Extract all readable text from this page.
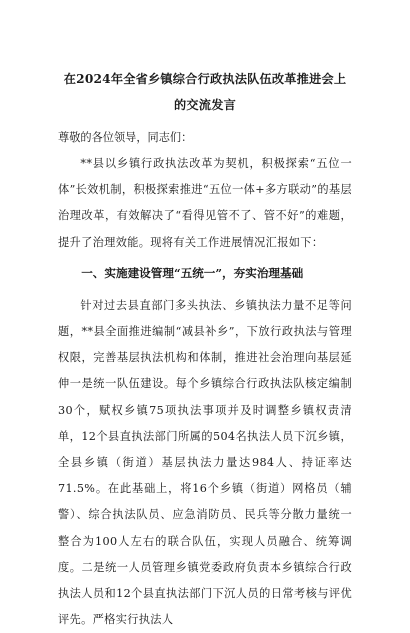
在2024年全省乡镇综合行政执法队伍改革推进会上的交流发言

尊敬的各位领导，同志们：

**县以乡镇行政执法改革为契机，积极探索“五位一体”长效机制，积极探索推进“五位一体+多方联动”的基层治理改革，有效解决了“看得见管不了、管不好”的难题，提升了治理效能。现将有关工作进展情况汇报如下：

一、实施建设管理“五统一”，夯实治理基础

针对过去县直部门多头执法、乡镇执法力量不足等问题，**县全面推进编制“减县补乡”，下放行政执法与管理权限，完善基层执法机构和体制，推进社会治理向基层延伸一是统一队伍建设。每个乡镇综合行政执法队核定编制30个，赋权乡镇75项执法事项并及时调整乡镇权责清单，12个县直执法部门所属的504名执法人员下沉乡镇，全县乡镇（街道）基层执法力量达984人、持证率达71.5%。在此基础上，将16个乡镇（街道）网格员（辅警）、综合执法队员、应急消防员、民兵等分散力量统一整合为100人左右的联合队伍，实现人员融合、统筹调度。二是统一人员管理乡镇党委政府负责本乡镇综合行政执法人员和12个县直执法部门下沉人员的日常考核与评优评先。严格实行执法人
